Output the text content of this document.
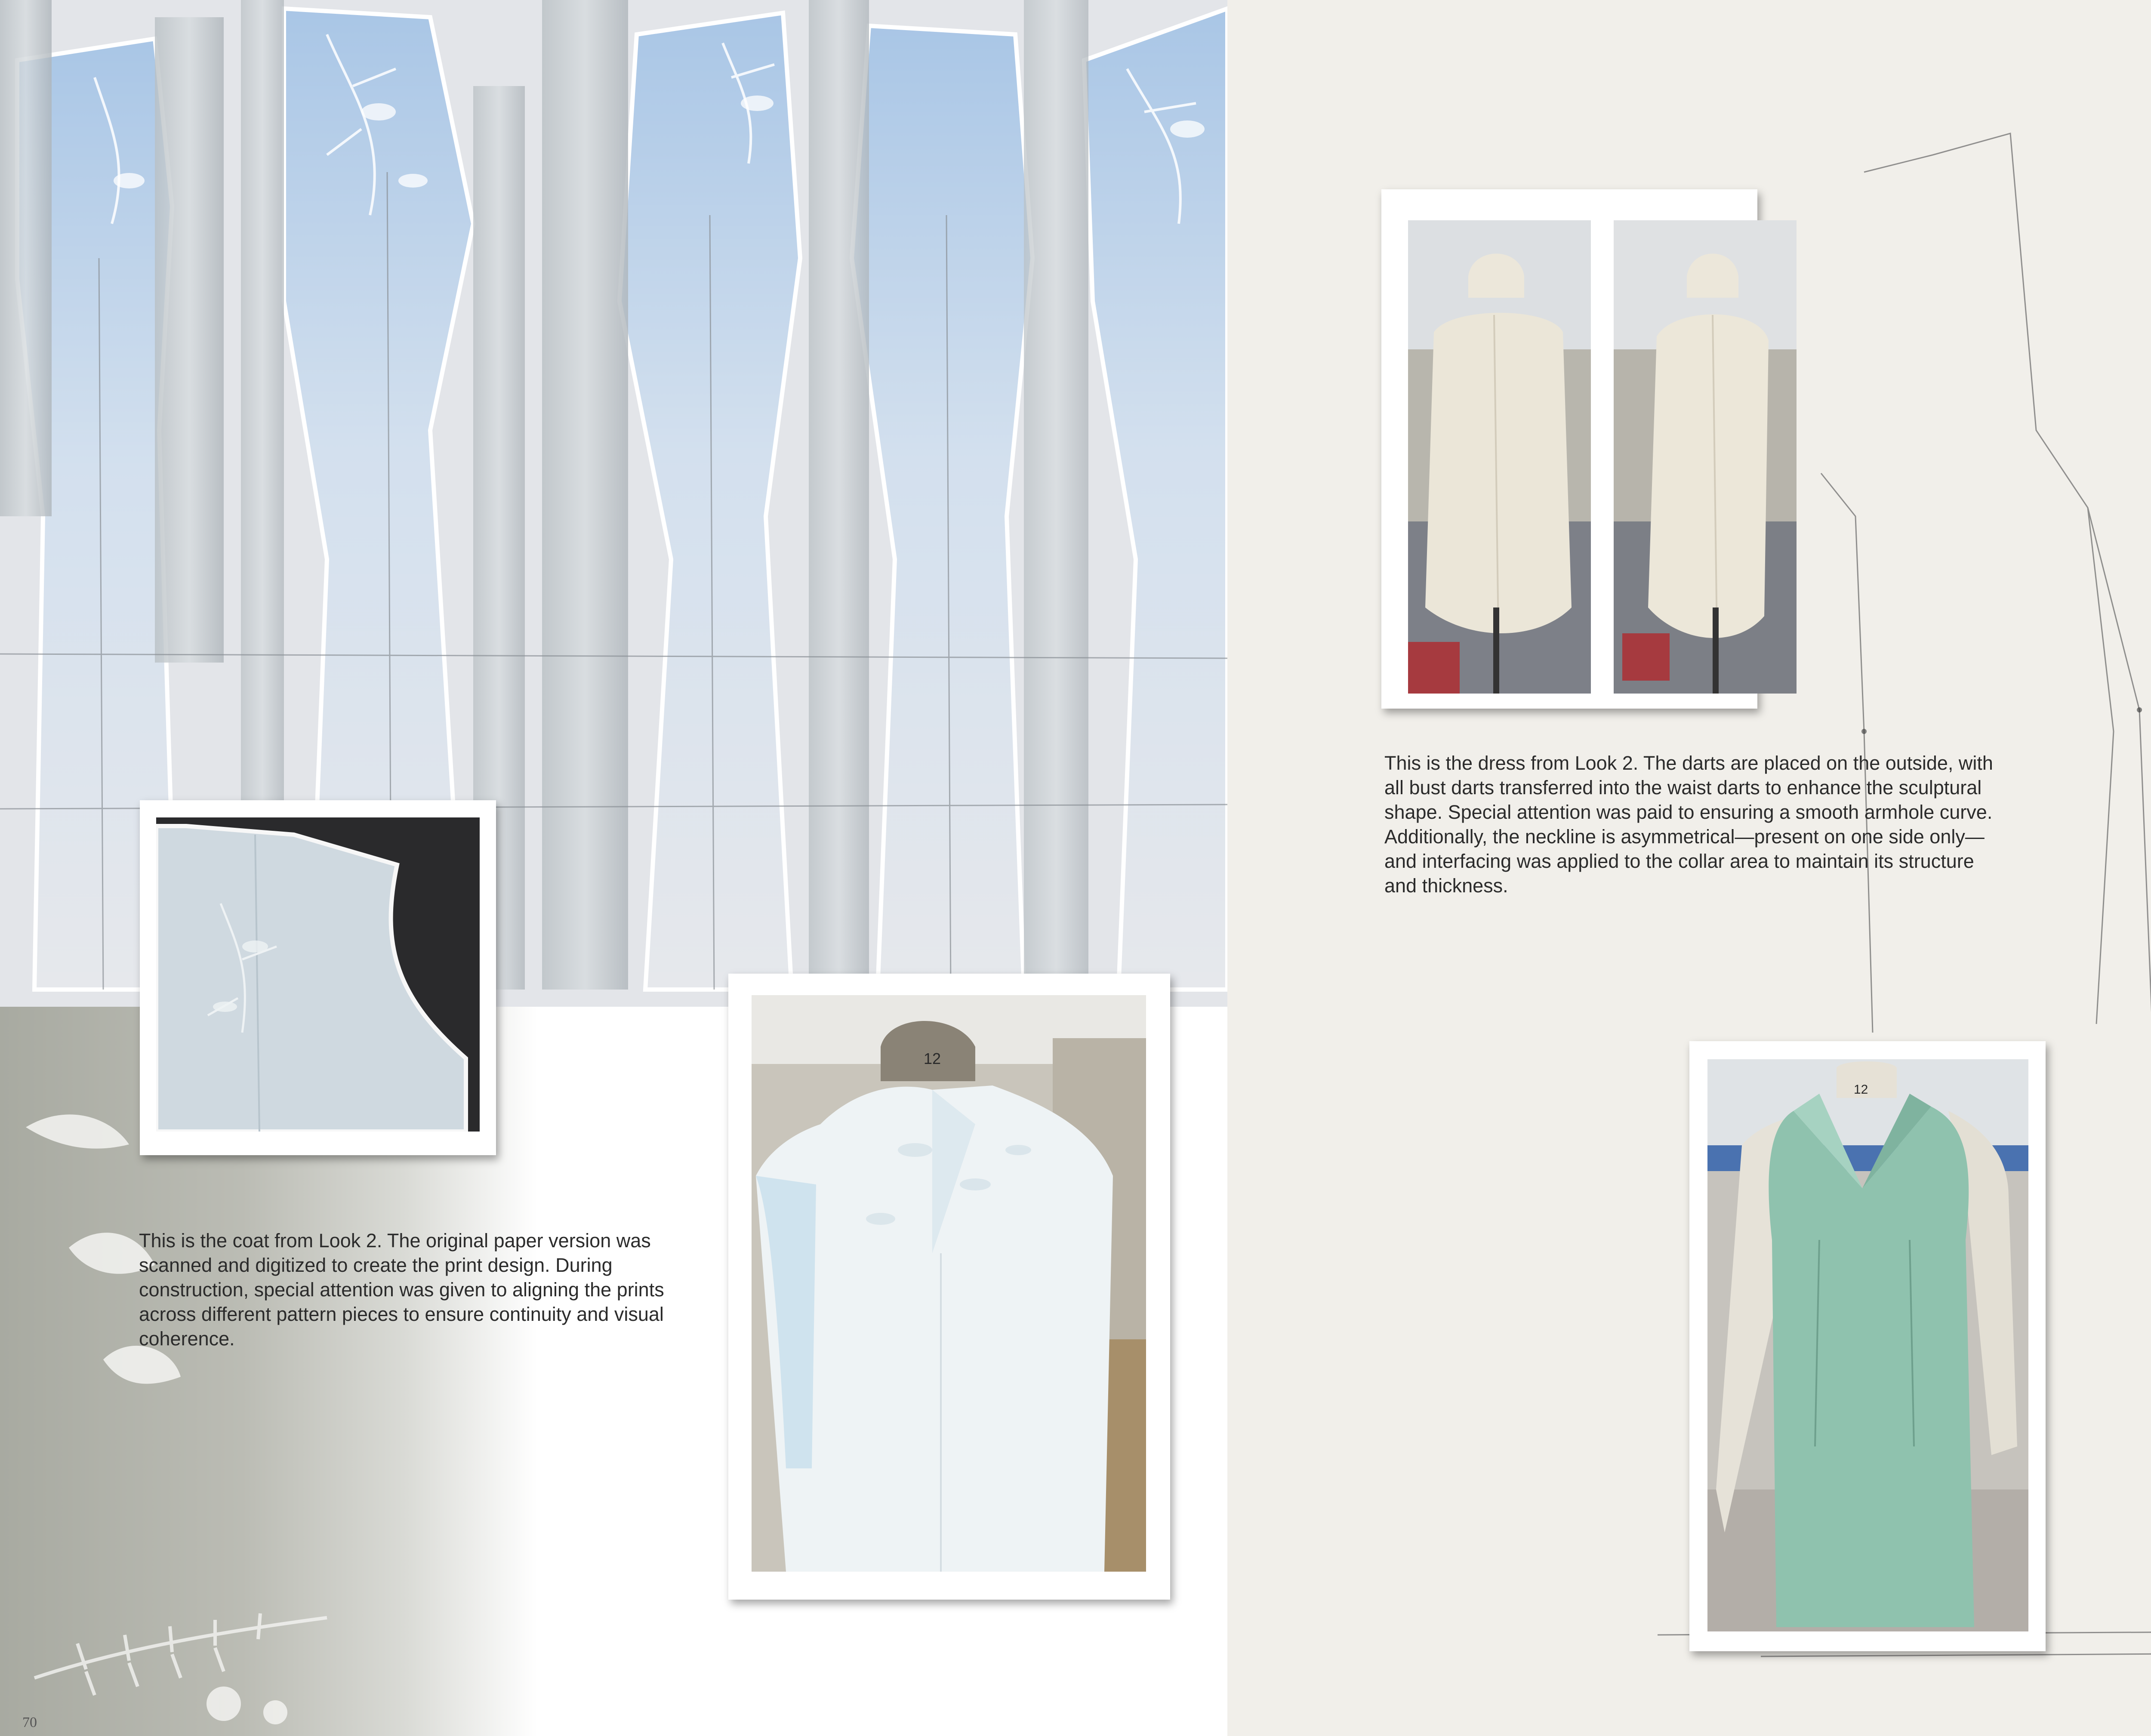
12

This is the coat from Look 2. The original paper version was scanned and digitized to create the print design. During construction, special attention was given to aligning the prints across different pattern pieces to ensure continuity and visual coherence.

70

This is the dress from Look 2. The darts are placed on the outside, with all bust darts transferred into the waist darts to enhance the sculptural shape. Special attention was paid to ensuring a smooth armhole curve. Additionally, the neckline is asymmetrical—present on one side only—and interfacing was applied to the collar area to maintain its structure and thickness.

12
